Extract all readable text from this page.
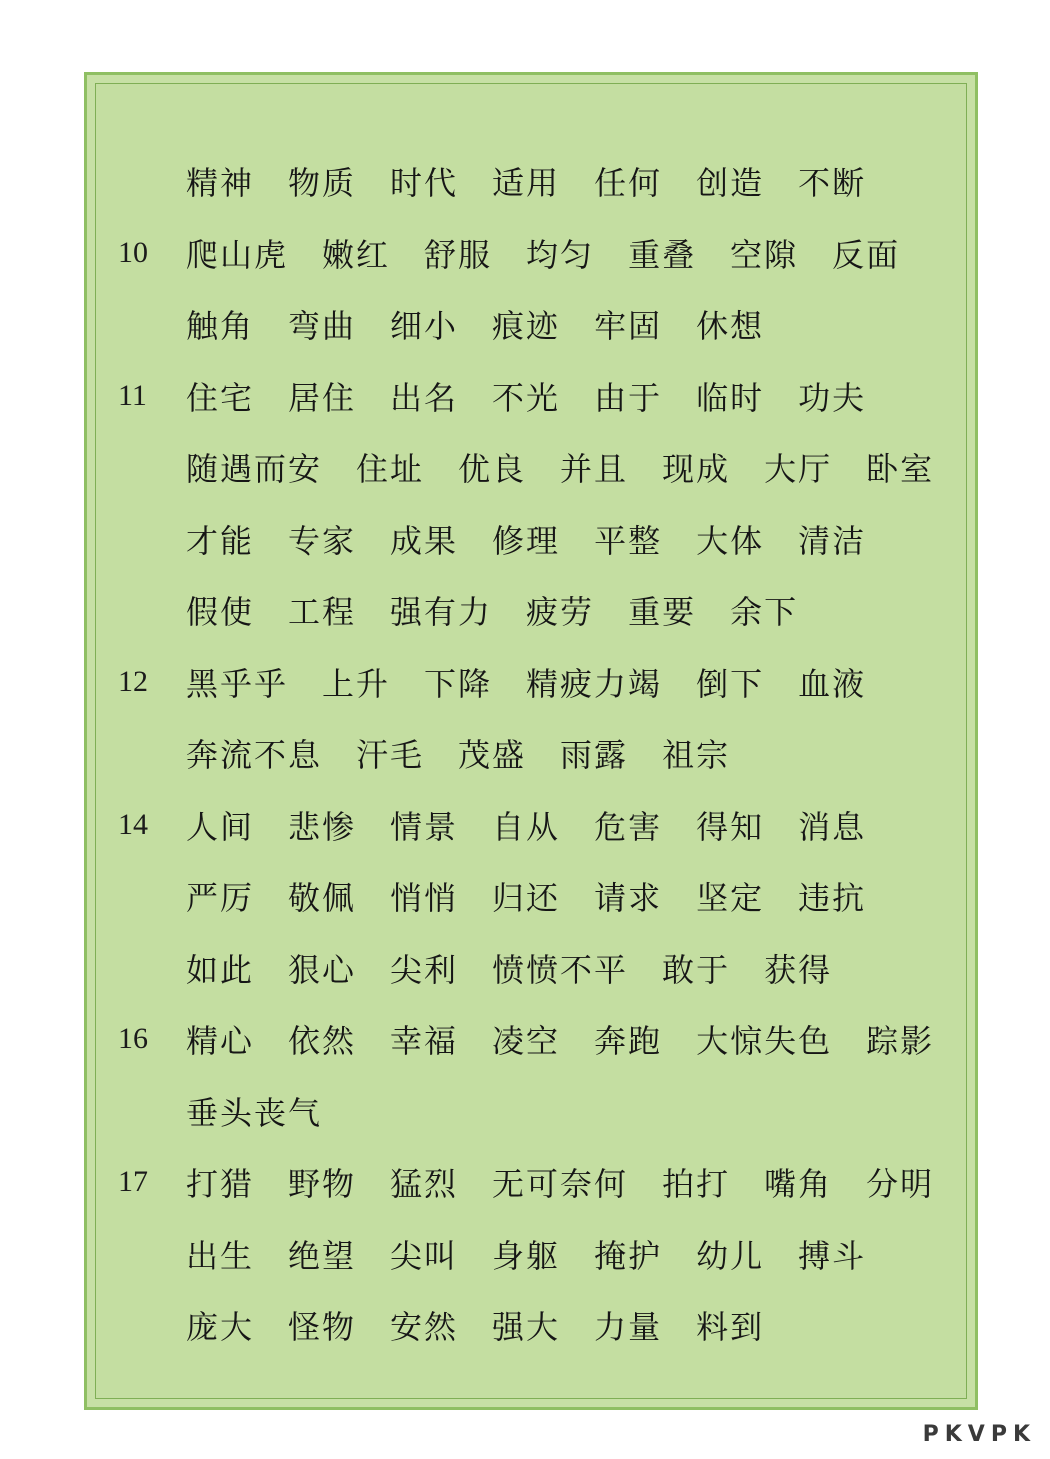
精神 物质 时代 适用 任何 创造 不断
10 爬山虎 嫩红 舒服 均匀 重叠 空隙 反面
触角 弯曲 细小 痕迹 牢固 休想
11 住宅 居住 出名 不光 由于 临时 功夫
随遇而安 住址 优良 并且 现成 大厅 卧室
才能 专家 成果 修理 平整 大体 清洁
假使 工程 强有力 疲劳 重要 余下
12 黑乎乎 上升 下降 精疲力竭 倒下 血液
奔流不息 汗毛 茂盛 雨露 祖宗
14 人间 悲惨 情景 自从 危害 得知 消息
严厉 敬佩 悄悄 归还 请求 坚定 违抗
如此 狠心 尖利 愤愤不平 敢于 获得
16 精心 依然 幸福 凌空 奔跑 大惊失色 踪影
垂头丧气
17 打猎 野物 猛烈 无可奈何 拍打 嘴角 分明
出生 绝望 尖叫 身躯 掩护 幼儿 搏斗
庞大 怪物 安然 强大 力量 料到
PKVPK
